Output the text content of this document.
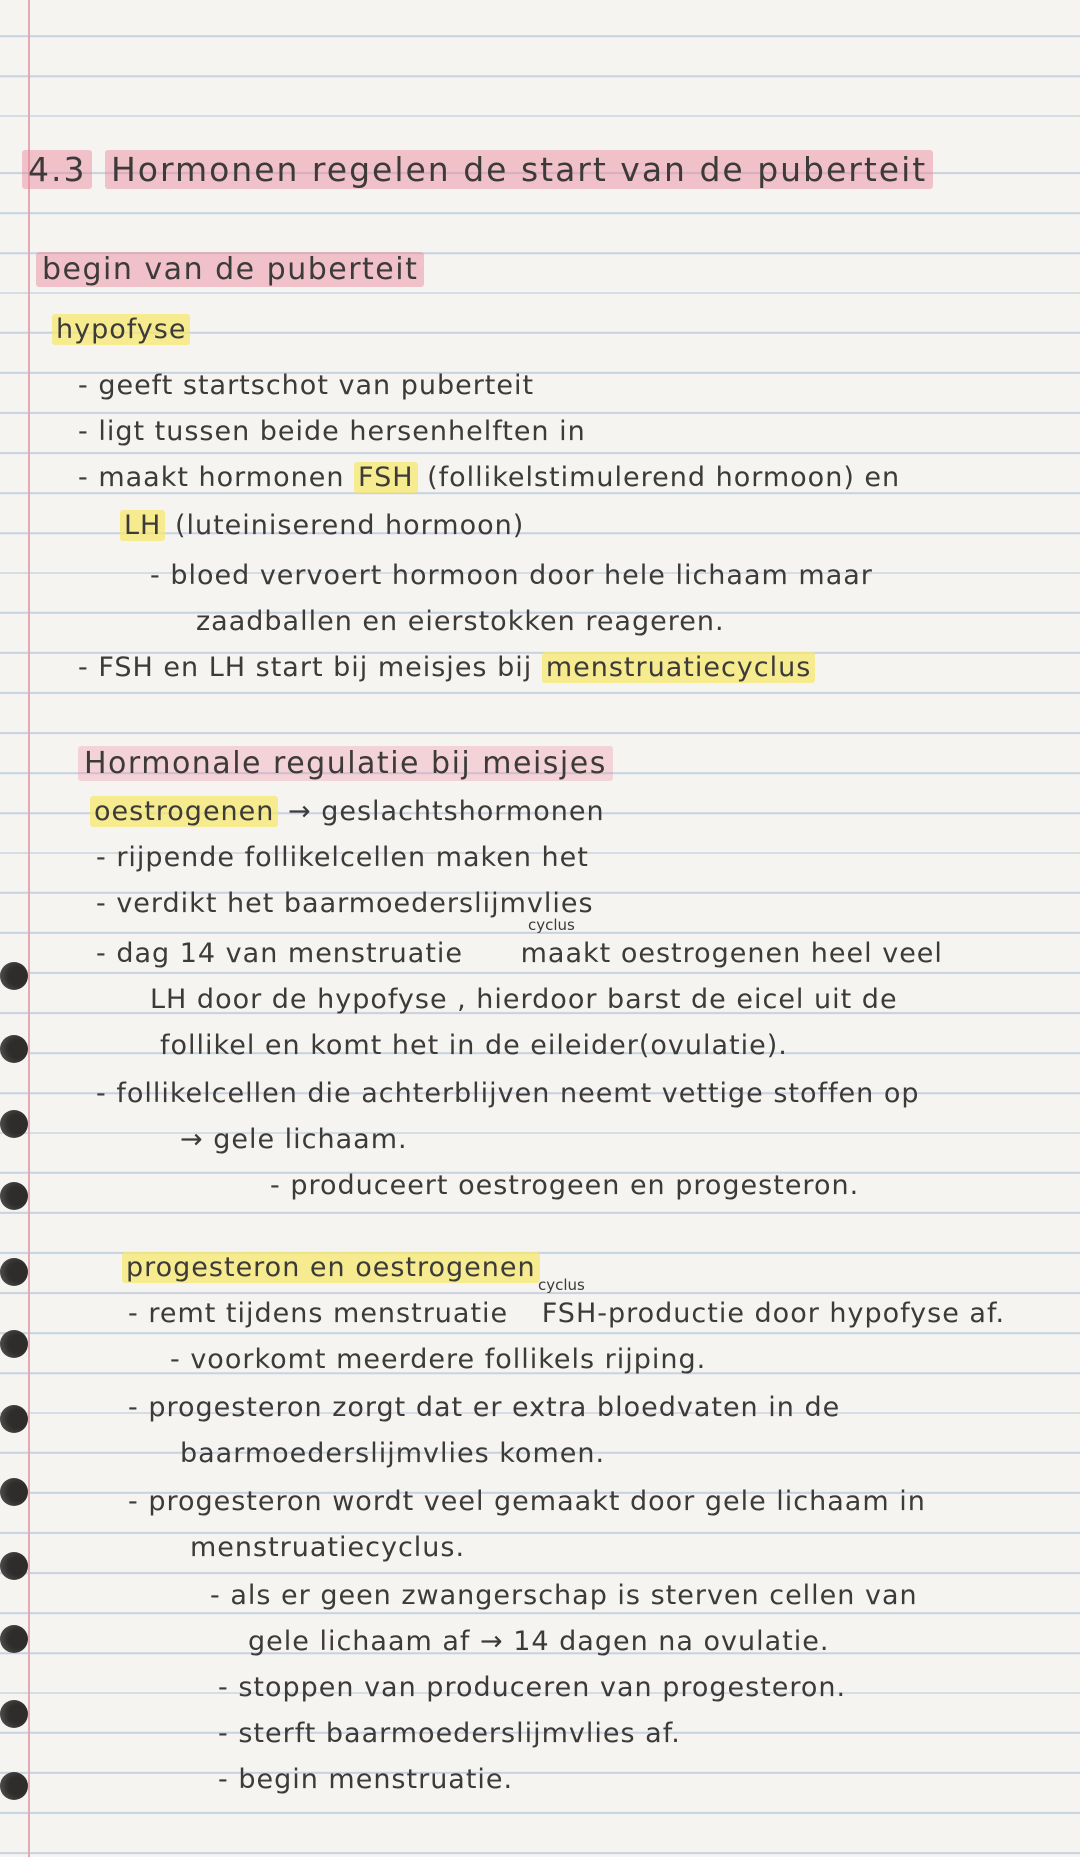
4.3 Hormonen regelen de start van de puberteit
begin van de puberteit
hypofyse
- geeft startschot van puberteit
- ligt tussen beide hersenhelften in
- maakt hormonen FSH (follikelstimulerend hormoon) en
LH (luteiniserend hormoon)
- bloed vervoert hormoon door hele lichaam maar
zaadballen en eierstokken reageren.
- FSH en LH start bij meisjes bij menstruatiecyclus
Hormonale regulatie bij meisjes
oestrogenen → geslachtshormonen
- rijpende follikelcellen maken het
- verdikt het baarmoederslijmvlies
- dag 14 van menstruatie maakt oestrogenen heel veel
cyclus
LH door de hypofyse , hierdoor barst de eicel uit de
follikel en komt het in de eileider(ovulatie).
- follikelcellen die achterblijven neemt vettige stoffen op
→ gele lichaam.
- produceert oestrogeen en progesteron.
progesteron en oestrogenen
- remt tijdens menstruatie FSH-productie door hypofyse af.
cyclus
- voorkomt meerdere follikels rijping.
- progesteron zorgt dat er extra bloedvaten in de
baarmoederslijmvlies komen.
- progesteron wordt veel gemaakt door gele lichaam in
menstruatiecyclus.
- als er geen zwangerschap is sterven cellen van
gele lichaam af → 14 dagen na ovulatie.
- stoppen van produceren van progesteron.
- sterft baarmoederslijmvlies af.
- begin menstruatie.
